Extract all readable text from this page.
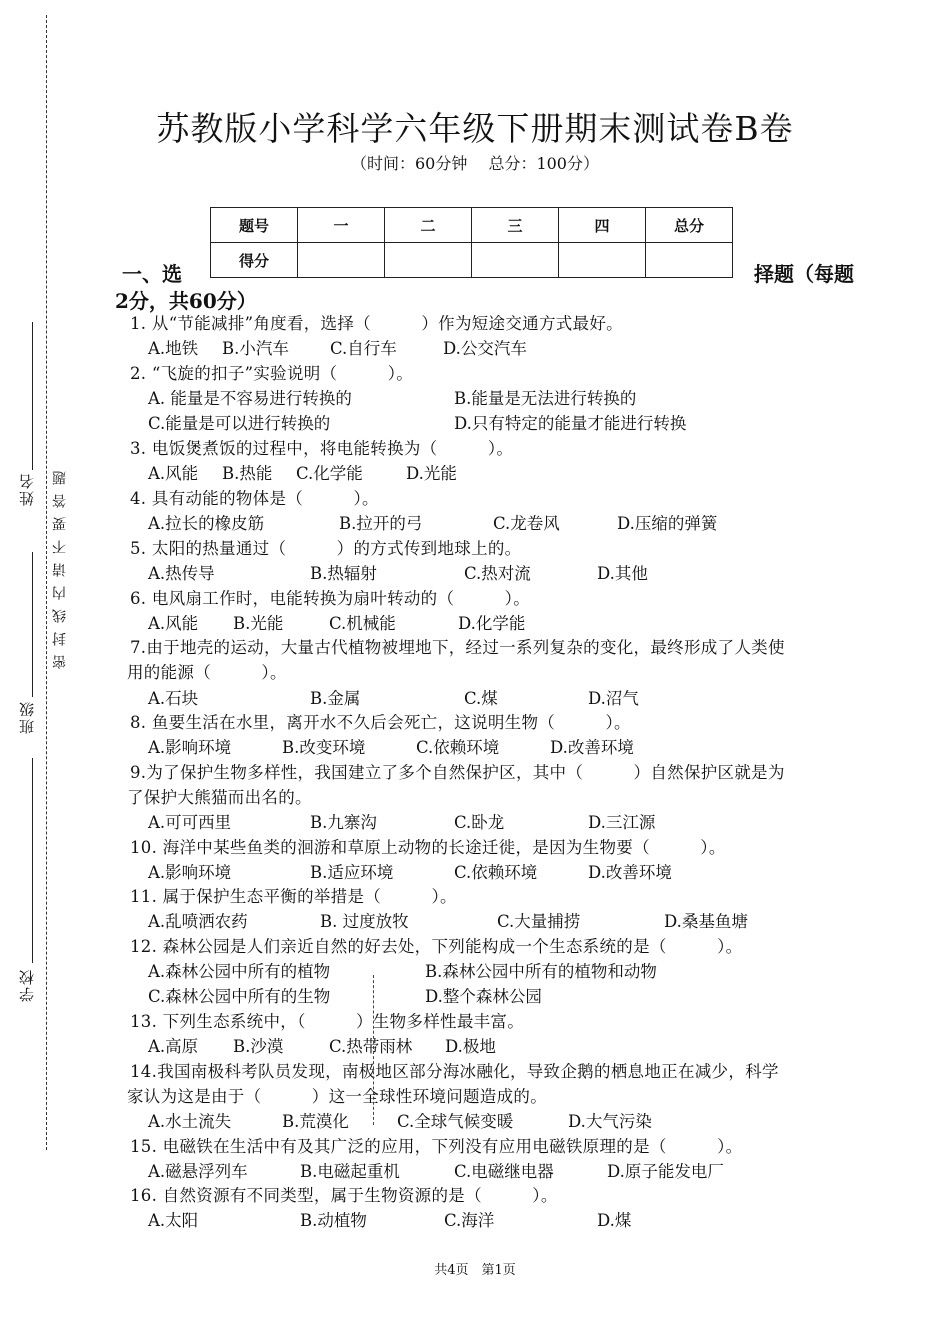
姓名
班级
学校
密封线内请不要答题
苏教版小学科学六年级下册期末测试卷B卷
（时间：60分钟　 总分：100分）
题号	一	二	三	四	总分
得分					
一、选	择题（每题
2分，共60分）
1. 从“节能减排”角度看，选择（　　　）作为短途交通方式最好。
A.地铁 B.小汽车 C.自行车	D.公交汽车
2. “飞旋的扣子”实验说明（　　　）。
A. 能量是不容易进行转换的	B.能量是无法进行转换的
C.能量是可以进行转换的	D.只有特定的能量才能进行转换
3. 电饭煲煮饭的过程中，将电能转换为（　　　）。
A.风能 B.热能 C.化学能	D.光能
4. 具有动能的物体是（　　　）。
A.拉长的橡皮筋	B.拉开的弓	C.龙卷风	D.压缩的弹簧
5. 太阳的热量通过（　　　）的方式传到地球上的。
A.热传导	B.热辐射	C.热对流	D.其他
6. 电风扇工作时，电能转换为扇叶转动的（　　　）。
A.风能 B.光能	C.机械能	D.化学能
7.由于地壳的运动，大量古代植物被埋地下，经过一系列复杂的变化，最终形成了人类使
用的能源（　　　）。
A.石块	B.金属	C.煤	D.沼气
8. 鱼要生活在水里，离开水不久后会死亡，这说明生物（　　　）。
A.影响环境	B.改变环境	C.依赖环境	D.改善环境
9.为了保护生物多样性，我国建立了多个自然保护区，其中（　　　）自然保护区就是为
了保护大熊猫而出名的。
A.可可西里	B.九寨沟	C.卧龙	D.三江源
10. 海洋中某些鱼类的洄游和草原上动物的长途迁徙，是因为生物要（　　　）。
A.影响环境	B.适应环境	C.依赖环境	D.改善环境
11. 属于保护生态平衡的举措是（　　　）。
A.乱喷洒农药	B. 过度放牧	C.大量捕捞	D.桑基鱼塘
12. 森林公园是人们亲近自然的好去处，下列能构成一个生态系统的是（　　　）。
A.森林公园中所有的植物	B.森林公园中所有的植物和动物
C.森林公园中所有的生物	D.整个森林公园
13. 下列生态系统中，（　　　）生物多样性最丰富。
A.高原 B.沙漠	C.热带雨林 D.极地
14.我国南极科考队员发现，南极地区部分海冰融化，导致企鹅的栖息地正在减少，科学
家认为这是由于（　　　）这一全球性环境问题造成的。
A.水土流失	B.荒漠化	C.全球气候变暖	D.大气污染
15. 电磁铁在生活中有及其广泛的应用，下列没有应用电磁铁原理的是（　　　）。
A.磁悬浮列车	B.电磁起重机	C.电磁继电器	D.原子能发电厂
16. 自然资源有不同类型，属于生物资源的是（　　　）。
A.太阳	B.动植物	C.海洋	D.煤
共4页　第1页
